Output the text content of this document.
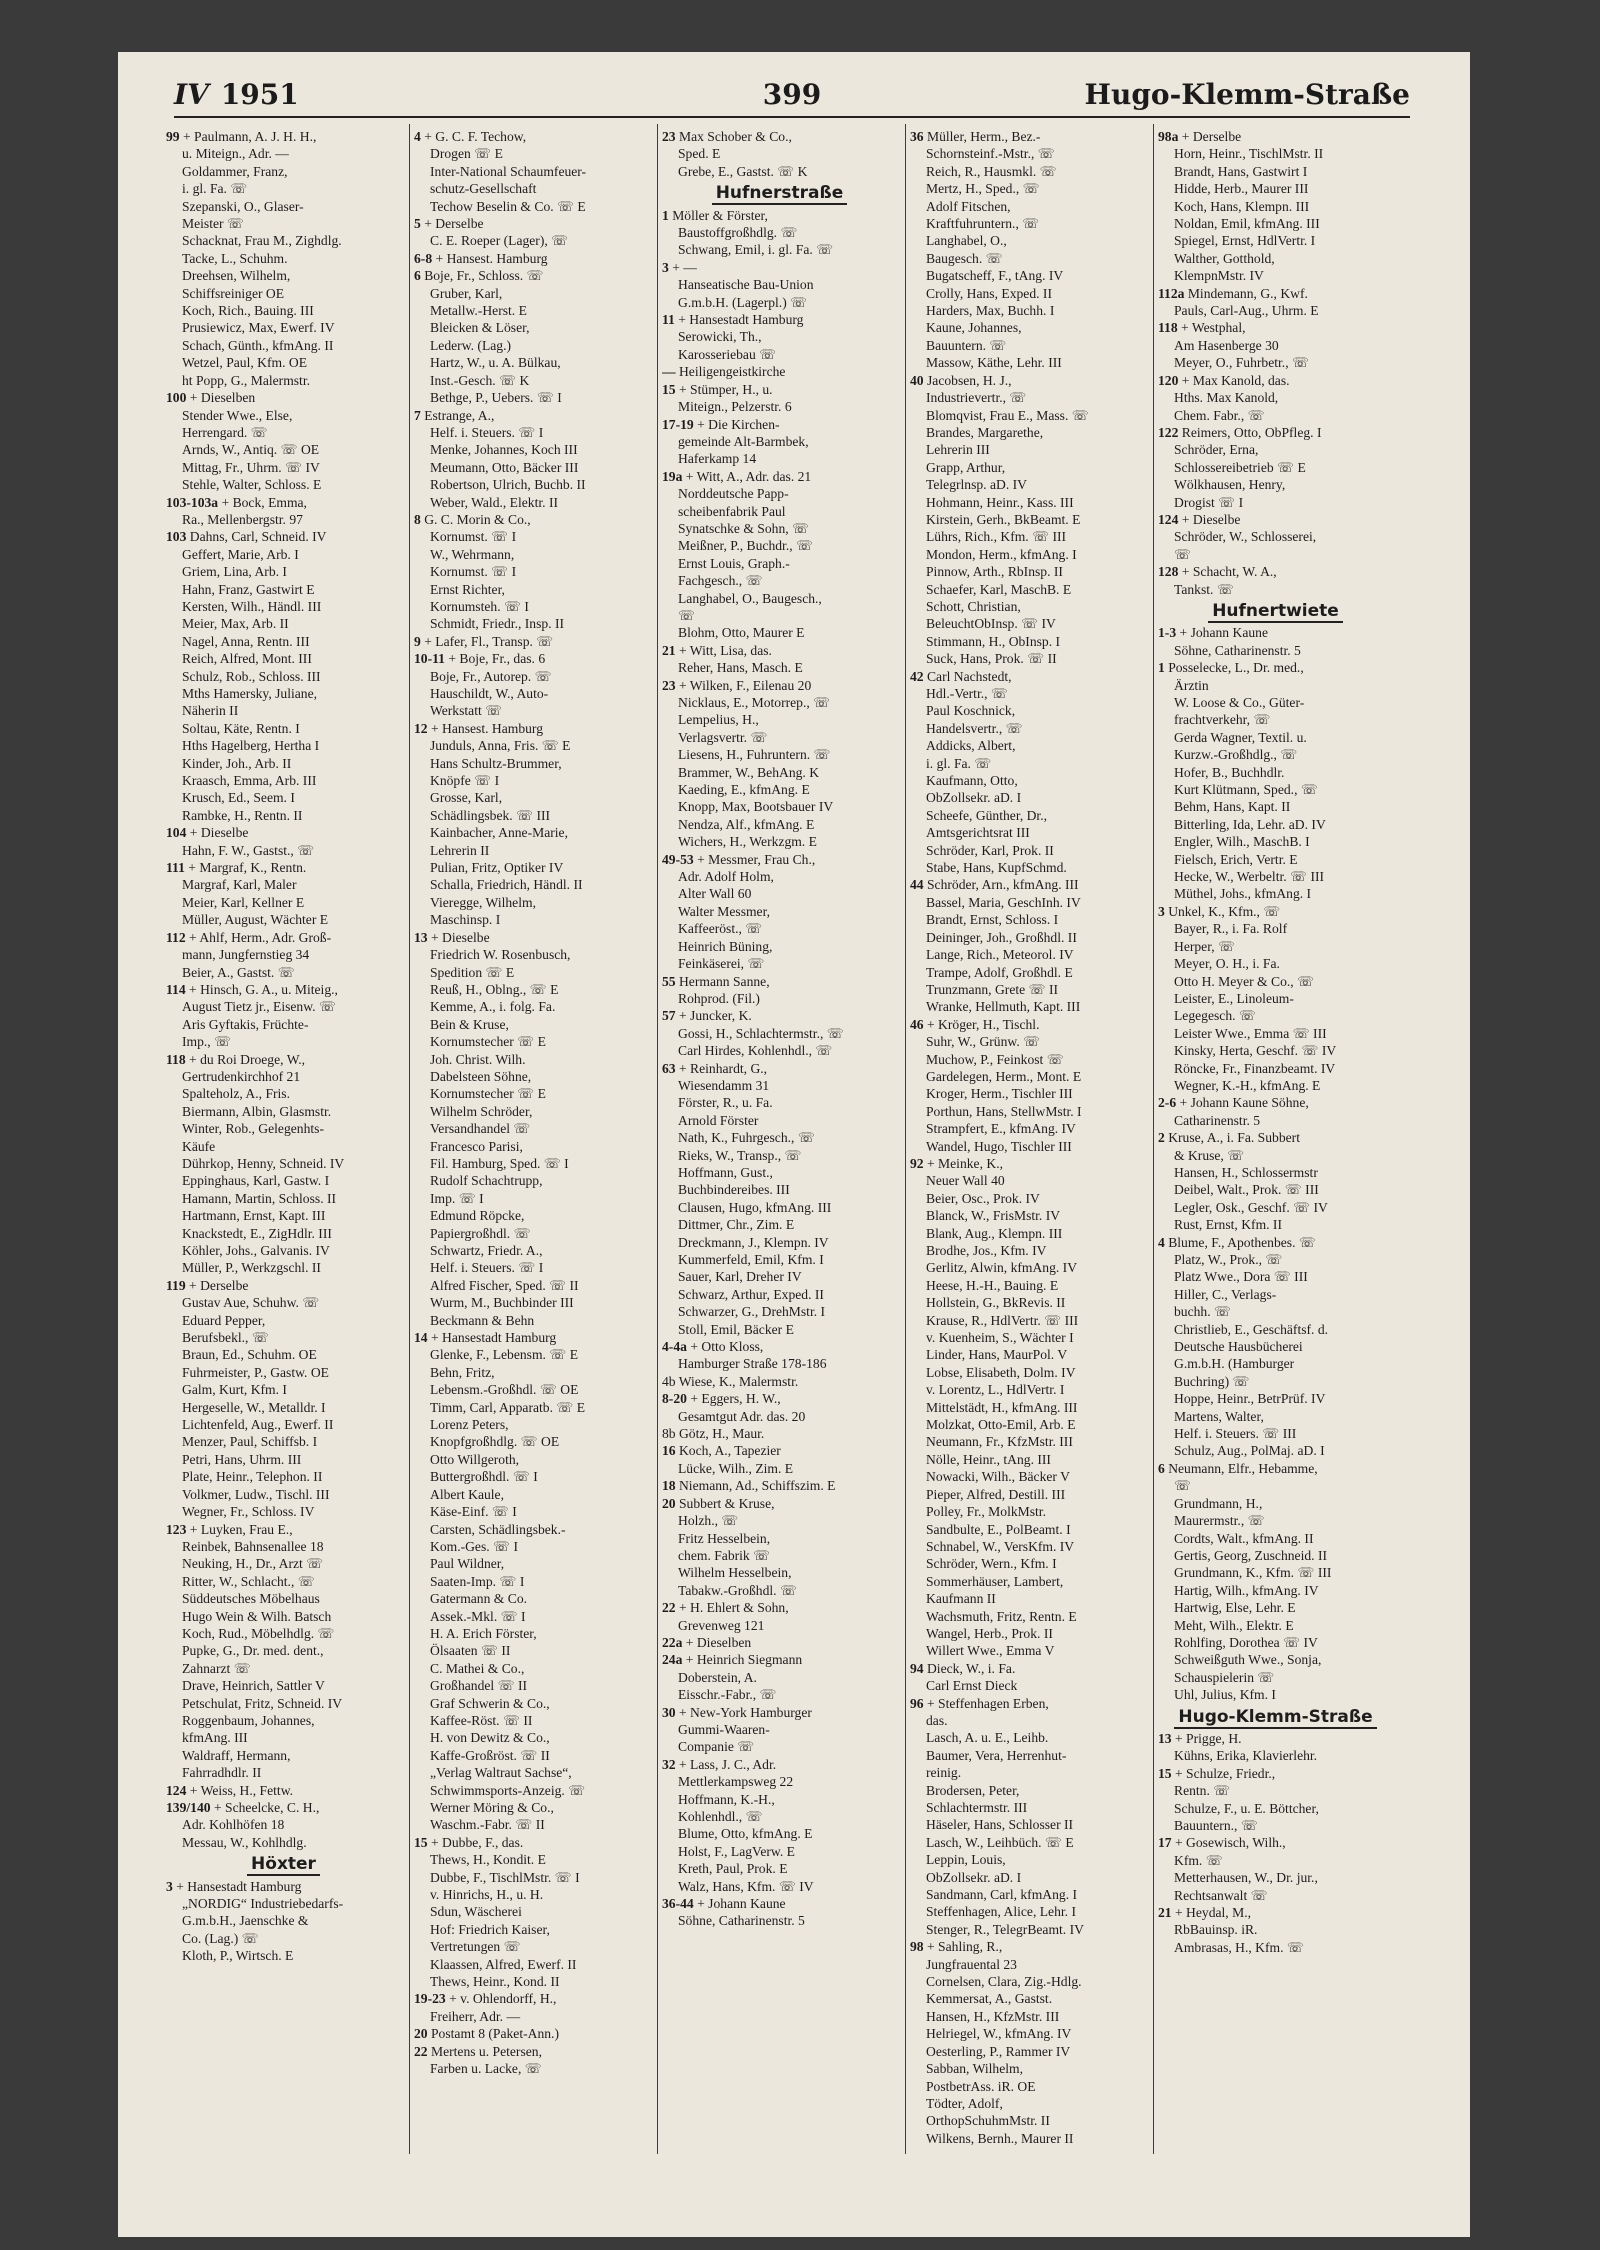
IV 1951	399	Hugo-Klemm-Straße
99 + Paulmann, A. J. H. H.,
u. Miteign., Adr. —
Goldammer, Franz,
i. gl. Fa. ☏
Szepanski, O., Glaser-
Meister ☏
Schacknat, Frau M., Zighdlg.
Tacke, L., Schuhm.
Dreehsen, Wilhelm,
Schiffsreiniger OE
Koch, Rich., Bauing. III
Prusiewicz, Max, Ewerf. IV
Schach, Günth., kfmAng. II
Wetzel, Paul, Kfm. OE
ht Popp, G., Malermstr.
100 + Dieselben
Stender Wwe., Else,
Herrengard. ☏
Arnds, W., Antiq. ☏ OE
Mittag, Fr., Uhrm. ☏ IV
Stehle, Walter, Schloss. E
103-103a + Bock, Emma,
Ra., Mellenbergstr. 97
103 Dahns, Carl, Schneid. IV
Geffert, Marie, Arb. I
Griem, Lina, Arb. I
Hahn, Franz, Gastwirt E
Kersten, Wilh., Händl. III
Meier, Max, Arb. II
Nagel, Anna, Rentn. III
Reich, Alfred, Mont. III
Schulz, Rob., Schloss. III
Mths Hamersky, Juliane,
Näherin II
Soltau, Käte, Rentn. I
Hths Hagelberg, Hertha I
Kinder, Joh., Arb. II
Kraasch, Emma, Arb. III
Krusch, Ed., Seem. I
Rambke, H., Rentn. II
104 + Dieselbe
Hahn, F. W., Gastst., ☏
111 + Margraf, K., Rentn.
Margraf, Karl, Maler
Meier, Karl, Kellner E
Müller, August, Wächter E
112 + Ahlf, Herm., Adr. Groß-
mann, Jungfernstieg 34
Beier, A., Gastst. ☏
114 + Hinsch, G. A., u. Miteig.,
August Tietz jr., Eisenw. ☏
Aris Gyftakis, Früchte-
Imp., ☏
118 + du Roi Droege, W.,
Gertrudenkirchhof 21
Spalteholz, A., Fris.
Biermann, Albin, Glasmstr.
Winter, Rob., Gelegenhts-
Käufe
Dührkop, Henny, Schneid. IV
Eppinghaus, Karl, Gastw. I
Hamann, Martin, Schloss. II
Hartmann, Ernst, Kapt. III
Knackstedt, E., ZigHdlr. III
Köhler, Johs., Galvanis. IV
Müller, P., Werkzgschl. II
119 + Derselbe
Gustav Aue, Schuhw. ☏
Eduard Pepper,
Berufsbekl., ☏
Braun, Ed., Schuhm. OE
Fuhrmeister, P., Gastw. OE
Galm, Kurt, Kfm. I
Hergeselle, W., Metalldr. I
Lichtenfeld, Aug., Ewerf. II
Menzer, Paul, Schiffsb. I
Petri, Hans, Uhrm. III
Plate, Heinr., Telephon. II
Volkmer, Ludw., Tischl. III
Wegner, Fr., Schloss. IV
123 + Luyken, Frau E.,
Reinbek, Bahnsenallee 18
Neuking, H., Dr., Arzt ☏
Ritter, W., Schlacht., ☏
Süddeutsches Möbelhaus
Hugo Wein & Wilh. Batsch
Koch, Rud., Möbelhdlg. ☏
Pupke, G., Dr. med. dent.,
Zahnarzt ☏
Drave, Heinrich, Sattler V
Petschulat, Fritz, Schneid. IV
Roggenbaum, Johannes,
kfmAng. III
Waldraff, Hermann,
Fahrradhdlr. II
124 + Weiss, H., Fettw.
139/140 + Scheelcke, C. H.,
Adr. Kohlhöfen 18
Messau, W., Kohlhdlg.
Höxter
3 + Hansestadt Hamburg
„NORDIG“ Industriebedarfs-
G.m.b.H., Jaenschke &
Co. (Lag.) ☏
Kloth, P., Wirtsch. E
4 + G. C. F. Techow,
Drogen ☏ E
Inter-National Schaumfeuer-
schutz-Gesellschaft
Techow Beselin & Co. ☏ E
5 + Derselbe
C. E. Roeper (Lager), ☏
6-8 + Hansest. Hamburg
6 Boje, Fr., Schloss. ☏
Gruber, Karl,
Metallw.-Herst. E
Bleicken & Löser,
Lederw. (Lag.)
Hartz, W., u. A. Bülkau,
Inst.-Gesch. ☏ K
Bethge, P., Uebers. ☏ I
7 Estrange, A.,
Helf. i. Steuers. ☏ I
Menke, Johannes, Koch III
Meumann, Otto, Bäcker III
Robertson, Ulrich, Buchb. II
Weber, Wald., Elektr. II
8 G. C. Morin & Co.,
Kornumst. ☏ I
W., Wehrmann,
Kornumst. ☏ I
Ernst Richter,
Kornumsteh. ☏ I
Schmidt, Friedr., Insp. II
9 + Lafer, Fl., Transp. ☏
10-11 + Boje, Fr., das. 6
Boje, Fr., Autorep. ☏
Hauschildt, W., Auto-
Werkstatt ☏
12 + Hansest. Hamburg
Junduls, Anna, Fris. ☏ E
Hans Schultz-Brummer,
Knöpfe ☏ I
Grosse, Karl,
Schädlingsbek. ☏ III
Kainbacher, Anne-Marie,
Lehrerin II
Pulian, Fritz, Optiker IV
Schalla, Friedrich, Händl. II
Vieregge, Wilhelm,
Maschinsp. I
13 + Dieselbe
Friedrich W. Rosenbusch,
Spedition ☏ E
Reuß, H., Oblng., ☏ E
Kemme, A., i. folg. Fa.
Bein & Kruse,
Kornumstecher ☏ E
Joh. Christ. Wilh.
Dabelsteen Söhne,
Kornumstecher ☏ E
Wilhelm Schröder,
Versandhandel ☏
Francesco Parisi,
Fil. Hamburg, Sped. ☏ I
Rudolf Schachtrupp,
Imp. ☏ I
Edmund Röpcke,
Papiergroßhdl. ☏
Schwartz, Friedr. A.,
Helf. i. Steuers. ☏ I
Alfred Fischer, Sped. ☏ II
Wurm, M., Buchbinder III
Beckmann & Behn
14 + Hansestadt Hamburg
Glenke, F., Lebensm. ☏ E
Behn, Fritz,
Lebensm.-Großhdl. ☏ OE
Timm, Carl, Apparatb. ☏ E
Lorenz Peters,
Knopfgroßhdlg. ☏ OE
Otto Willgeroth,
Buttergroßhdl. ☏ I
Albert Kaule,
Käse-Einf. ☏ I
Carsten, Schädlingsbek.-
Kom.-Ges. ☏ I
Paul Wildner,
Saaten-Imp. ☏ I
Gatermann & Co.
Assek.-Mkl. ☏ I
H. A. Erich Förster,
Ölsaaten ☏ II
C. Mathei & Co.,
Großhandel ☏ II
Graf Schwerin & Co.,
Kaffee-Röst. ☏ II
H. von Dewitz & Co.,
Kaffe-Großröst. ☏ II
„Verlag Waltraut Sachse“,
Schwimmsports-Anzeig. ☏
Werner Möring & Co.,
Waschm.-Fabr. ☏ II
15 + Dubbe, F., das.
Thews, H., Kondit. E
Dubbe, F., TischlMstr. ☏ I
v. Hinrichs, H., u. H.
Sdun, Wäscherei
Hof: Friedrich Kaiser,
Vertretungen ☏
Klaassen, Alfred, Ewerf. II
Thews, Heinr., Kond. II
19-23 + v. Ohlendorff, H.,
Freiherr, Adr. —
20 Postamt 8 (Paket-Ann.)
22 Mertens u. Petersen,
Farben u. Lacke, ☏
23 Max Schober & Co.,
Sped. E
Grebe, E., Gastst. ☏ K
Hufnerstraße
1 Möller & Förster,
Baustoffgroßhdlg. ☏
Schwang, Emil, i. gl. Fa. ☏
3 + —
Hanseatische Bau-Union
G.m.b.H. (Lagerpl.) ☏
11 + Hansestadt Hamburg
Serowicki, Th.,
Karosseriebau ☏
— Heiligengeistkirche
15 + Stümper, H., u.
Miteign., Pelzerstr. 6
17-19 + Die Kirchen-
gemeinde Alt-Barmbek,
Haferkamp 14
19a + Witt, A., Adr. das. 21
Norddeutsche Papp-
scheibenfabrik Paul
Synatschke & Sohn, ☏
Meißner, P., Buchdr., ☏
Ernst Louis, Graph.-
Fachgesch., ☏
Langhabel, O., Baugesch.,
☏
Blohm, Otto, Maurer E
21 + Witt, Lisa, das.
Reher, Hans, Masch. E
23 + Wilken, F., Eilenau 20
Nicklaus, E., Motorrep., ☏
Lempelius, H.,
Verlagsvertr. ☏
Liesens, H., Fuhruntern. ☏
Brammer, W., BehAng. K
Kaeding, E., kfmAng. E
Knopp, Max, Bootsbauer IV
Nendza, Alf., kfmAng. E
Wichers, H., Werkzgm. E
49-53 + Messmer, Frau Ch.,
Adr. Adolf Holm,
Alter Wall 60
Walter Messmer,
Kaffeeröst., ☏
Heinrich Büning,
Feinkäserei, ☏
55 Hermann Sanne,
Rohprod. (Fil.)
57 + Juncker, K.
Gossi, H., Schlachtermstr., ☏
Carl Hirdes, Kohlenhdl., ☏
63 + Reinhardt, G.,
Wiesendamm 31
Förster, R., u. Fa.
Arnold Förster
Nath, K., Fuhrgesch., ☏
Rieks, W., Transp., ☏
Hoffmann, Gust.,
Buchbindereibes. III
Clausen, Hugo, kfmAng. III
Dittmer, Chr., Zim. E
Dreckmann, J., Klempn. IV
Kummerfeld, Emil, Kfm. I
Sauer, Karl, Dreher IV
Schwarz, Arthur, Exped. II
Schwarzer, G., DrehMstr. I
Stoll, Emil, Bäcker E
4-4a + Otto Kloss,
Hamburger Straße 178-186
4b Wiese, K., Malermstr.
8-20 + Eggers, H. W.,
Gesamtgut Adr. das. 20
8b Götz, H., Maur.
16 Koch, A., Tapezier
Lücke, Wilh., Zim. E
18 Niemann, Ad., Schiffszim. E
20 Subbert & Kruse,
Holzh., ☏
Fritz Hesselbein,
chem. Fabrik ☏
Wilhelm Hesselbein,
Tabakw.-Großhdl. ☏
22 + H. Ehlert & Sohn,
Grevenweg 121
22a + Dieselben
24a + Heinrich Siegmann
Doberstein, A.
Eisschr.-Fabr., ☏
30 + New-York Hamburger
Gummi-Waaren-
Companie ☏
32 + Lass, J. C., Adr.
Mettlerkampsweg 22
Hoffmann, K.-H.,
Kohlenhdl., ☏
Blume, Otto, kfmAng. E
Holst, F., LagVerw. E
Kreth, Paul, Prok. E
Walz, Hans, Kfm. ☏ IV
36-44 + Johann Kaune
Söhne, Catharinenstr. 5
36 Müller, Herm., Bez.-
Schornsteinf.-Mstr., ☏
Reich, R., Hausmkl. ☏
Mertz, H., Sped., ☏
Adolf Fitschen,
Kraftfuhruntern., ☏
Langhabel, O.,
Baugesch. ☏
Bugatscheff, F., tAng. IV
Crolly, Hans, Exped. II
Harders, Max, Buchh. I
Kaune, Johannes,
Bauuntern. ☏
Massow, Käthe, Lehr. III
40 Jacobsen, H. J.,
Industrievertr., ☏
Blomqvist, Frau E., Mass. ☏
Brandes, Margarethe,
Lehrerin III
Grapp, Arthur,
Telegrlnsp. aD. IV
Hohmann, Heinr., Kass. III
Kirstein, Gerh., BkBeamt. E
Lührs, Rich., Kfm. ☏ III
Mondon, Herm., kfmAng. I
Pinnow, Arth., RbInsp. II
Schaefer, Karl, MaschB. E
Schott, Christian,
BeleuchtObInsp. ☏ IV
Stimmann, H., ObInsp. I
Suck, Hans, Prok. ☏ II
42 Carl Nachstedt,
Hdl.-Vertr., ☏
Paul Koschnick,
Handelsvertr., ☏
Addicks, Albert,
i. gl. Fa. ☏
Kaufmann, Otto,
ObZollsekr. aD. I
Scheefe, Günther, Dr.,
Amtsgerichtsrat III
Schröder, Karl, Prok. II
Stabe, Hans, KupfSchmd.
44 Schröder, Arn., kfmAng. III
Bassel, Maria, GeschInh. IV
Brandt, Ernst, Schloss. I
Deininger, Joh., Großhdl. II
Lange, Rich., Meteorol. IV
Trampe, Adolf, Großhdl. E
Trunzmann, Grete ☏ II
Wranke, Hellmuth, Kapt. III
46 + Kröger, H., Tischl.
Suhr, W., Grünw. ☏
Muchow, P., Feinkost ☏
Gardelegen, Herm., Mont. E
Kroger, Herm., Tischler III
Porthun, Hans, StellwMstr. I
Strampfert, E., kfmAng. IV
Wandel, Hugo, Tischler III
92 + Meinke, K.,
Neuer Wall 40
Beier, Osc., Prok. IV
Blanck, W., FrisMstr. IV
Blank, Aug., Klempn. III
Brodhe, Jos., Kfm. IV
Gerlitz, Alwin, kfmAng. IV
Heese, H.-H., Bauing. E
Hollstein, G., BkRevis. II
Krause, R., HdlVertr. ☏ III
v. Kuenheim, S., Wächter I
Linder, Hans, MaurPol. V
Lobse, Elisabeth, Dolm. IV
v. Lorentz, L., HdlVertr. I
Mittelstädt, H., kfmAng. III
Molzkat, Otto-Emil, Arb. E
Neumann, Fr., KfzMstr. III
Nölle, Heinr., tAng. III
Nowacki, Wilh., Bäcker V
Pieper, Alfred, Destill. III
Polley, Fr., MolkMstr.
Sandbulte, E., PolBeamt. I
Schnabel, W., VersKfm. IV
Schröder, Wern., Kfm. I
Sommerhäuser, Lambert,
Kaufmann II
Wachsmuth, Fritz, Rentn. E
Wangel, Herb., Prok. II
Willert Wwe., Emma V
94 Dieck, W., i. Fa.
Carl Ernst Dieck
96 + Steffenhagen Erben,
das.
Lasch, A. u. E., Leihb.
Baumer, Vera, Herrenhut-
reinig.
Brodersen, Peter,
Schlachtermstr. III
Häseler, Hans, Schlosser II
Lasch, W., Leihbüch. ☏ E
Leppin, Louis,
ObZollsekr. aD. I
Sandmann, Carl, kfmAng. I
Steffenhagen, Alice, Lehr. I
Stenger, R., TelegrBeamt. IV
98 + Sahling, R.,
Jungfrauental 23
Cornelsen, Clara, Zig.-Hdlg.
Kemmersat, A., Gastst.
Hansen, H., KfzMstr. III
Helriegel, W., kfmAng. IV
Oesterling, P., Rammer IV
Sabban, Wilhelm,
PostbetrAss. iR. OE
Tödter, Adolf,
OrthopSchuhmMstr. II
Wilkens, Bernh., Maurer II
98a + Derselbe
Horn, Heinr., TischlMstr. II
Brandt, Hans, Gastwirt I
Hidde, Herb., Maurer III
Koch, Hans, Klempn. III
Noldan, Emil, kfmAng. III
Spiegel, Ernst, HdlVertr. I
Walther, Gotthold,
KlempnMstr. IV
112a Mindemann, G., Kwf.
Pauls, Carl-Aug., Uhrm. E
118 + Westphal,
Am Hasenberge 30
Meyer, O., Fuhrbetr., ☏
120 + Max Kanold, das.
Hths. Max Kanold,
Chem. Fabr., ☏
122 Reimers, Otto, ObPfleg. I
Schröder, Erna,
Schlossereibetrieb ☏ E
Wölkhausen, Henry,
Drogist ☏ I
124 + Dieselbe
Schröder, W., Schlosserei,
☏
128 + Schacht, W. A.,
Tankst. ☏
Hufnertwiete
1-3 + Johann Kaune
Söhne, Catharinenstr. 5
1 Posselecke, L., Dr. med.,
Ärztin
W. Loose & Co., Güter-
frachtverkehr, ☏
Gerda Wagner, Textil. u.
Kurzw.-Großhdlg., ☏
Hofer, B., Buchhdlr.
Kurt Klütmann, Sped., ☏
Behm, Hans, Kapt. II
Bitterling, Ida, Lehr. aD. IV
Engler, Wilh., MaschB. I
Fielsch, Erich, Vertr. E
Hecke, W., Werbeltr. ☏ III
Müthel, Johs., kfmAng. I
3 Unkel, K., Kfm., ☏
Bayer, R., i. Fa. Rolf
Herper, ☏
Meyer, O. H., i. Fa.
Otto H. Meyer & Co., ☏
Leister, E., Linoleum-
Legegesch. ☏
Leister Wwe., Emma ☏ III
Kinsky, Herta, Geschf. ☏ IV
Röncke, Fr., Finanzbeamt. IV
Wegner, K.-H., kfmAng. E
2-6 + Johann Kaune Söhne,
Catharinenstr. 5
2 Kruse, A., i. Fa. Subbert
& Kruse, ☏
Hansen, H., Schlossermstr
Deibel, Walt., Prok. ☏ III
Legler, Osk., Geschf. ☏ IV
Rust, Ernst, Kfm. II
4 Blume, F., Apothenbes. ☏
Platz, W., Prok., ☏
Platz Wwe., Dora ☏ III
Hiller, C., Verlags-
buchh. ☏
Christlieb, E., Geschäftsf. d.
Deutsche Hausbücherei
G.m.b.H. (Hamburger
Buchring) ☏
Hoppe, Heinr., BetrPrüf. IV
Martens, Walter,
Helf. i. Steuers. ☏ III
Schulz, Aug., PolMaj. aD. I
6 Neumann, Elfr., Hebamme,
☏
Grundmann, H.,
Maurermstr., ☏
Cordts, Walt., kfmAng. II
Gertis, Georg, Zuschneid. II
Grundmann, K., Kfm. ☏ III
Hartig, Wilh., kfmAng. IV
Hartwig, Else, Lehr. E
Meht, Wilh., Elektr. E
Rohlfing, Dorothea ☏ IV
Schweißguth Wwe., Sonja,
Schauspielerin ☏
Uhl, Julius, Kfm. I
Hugo-Klemm-Straße
13 + Prigge, H.
Kühns, Erika, Klavierlehr.
15 + Schulze, Friedr.,
Rentn. ☏
Schulze, F., u. E. Böttcher,
Bauuntern., ☏
17 + Gosewisch, Wilh.,
Kfm. ☏
Metterhausen, W., Dr. jur.,
Rechtsanwalt ☏
21 + Heydal, M.,
RbBauinsp. iR.
Ambrasas, H., Kfm. ☏
